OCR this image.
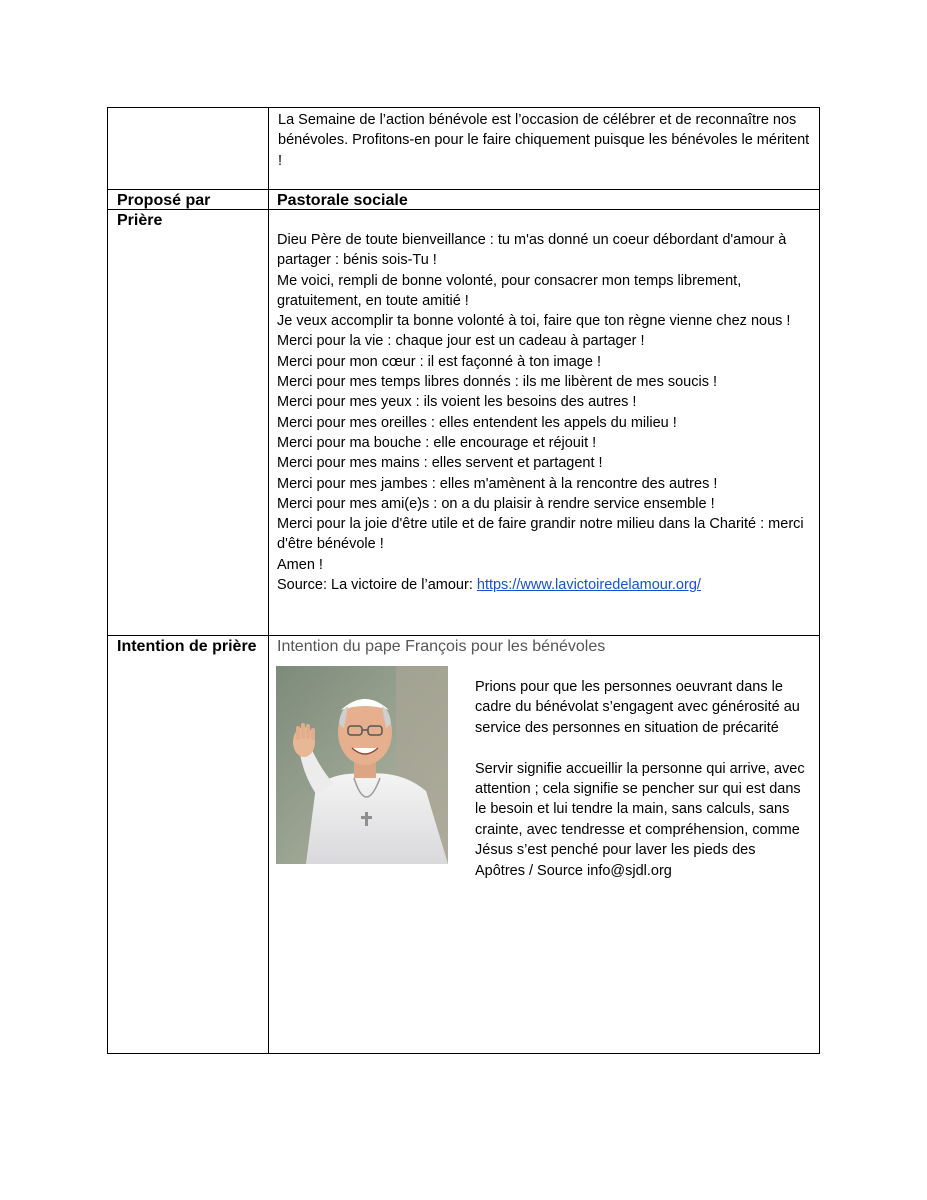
La Semaine de l’action bénévole est l’occasion de célébrer et de reconnaître nos bénévoles. Profitons-en pour le faire chiquement puisque les bénévoles le méritent !
Proposé par	Pastorale sociale
Prière

Dieu Père de toute bienveillance : tu m'as donné un coeur débordant d'amour à partager : bénis sois-Tu !

Me voici, rempli de bonne volonté, pour consacrer mon temps librement, gratuitement, en toute amitié !

Je veux accomplir ta bonne volonté à toi, faire que ton règne vienne chez nous !

Merci pour la vie : chaque jour est un cadeau à partager !

Merci pour mon cœur : il est façonné à ton image !

Merci pour mes temps libres donnés : ils me libèrent de mes soucis !

Merci pour mes yeux : ils voient les besoins des autres !

Merci pour mes oreilles : elles entendent les appels du milieu !

Merci pour ma bouche : elle encourage et réjouit !

Merci pour mes mains : elles servent et partagent !

Merci pour mes jambes : elles m'amènent à la rencontre des autres !

Merci pour mes ami(e)s : on a du plaisir à rendre service ensemble !

Merci pour la joie d'être utile et de faire grandir notre milieu dans la Charité : merci d'être bénévole !

Amen !

Source: La victoire de l’amour: https://www.lavictoiredelamour.org/

Intention de prière Intention du pape François pour les bénévoles

Prions pour que les personnes oeuvrant dans le cadre du bénévolat s’engagent avec générosité au service des personnes en situation de précarité

Servir signifie accueillir la personne qui arrive, avec attention ; cela signifie se pencher sur qui est dans le besoin et lui tendre la main, sans calculs, sans crainte, avec tendresse et compréhension, comme Jésus s’est penché pour laver les pieds des Apôtres / Source info@sjdl.org
